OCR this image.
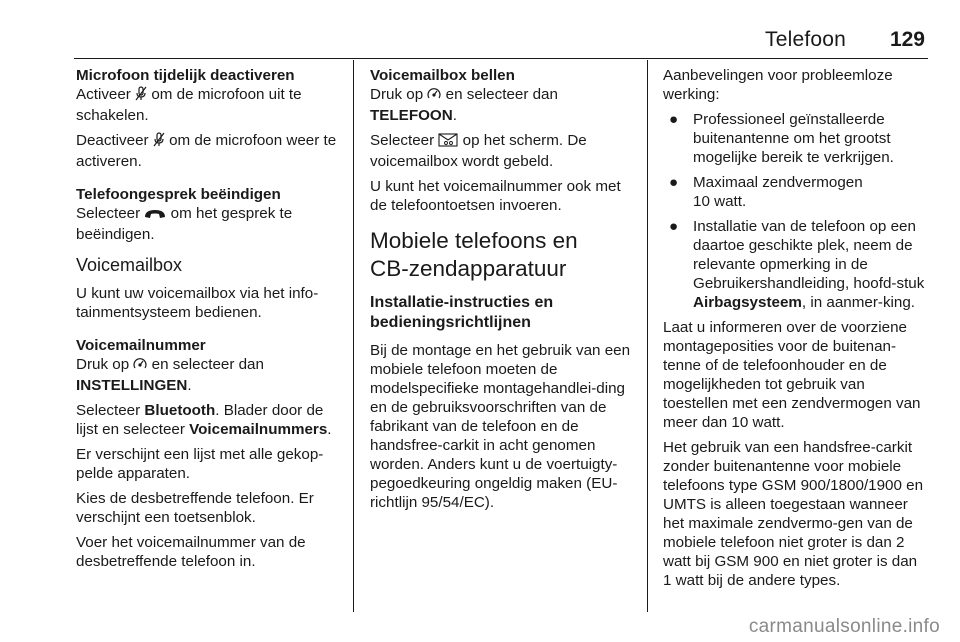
Telefoon 129
Microfoon tijdelijk deactiveren

Activeer om de microfoon uit te schakelen.

Deactiveer om de microfoon weer te activeren.

Telefoongesprek beëindigen

Selecteer om het gesprek te beëindigen.

Voicemailbox

U kunt uw voicemailbox via het info-tainmentsysteem bedienen.

Voicemailnummer

Druk op en selecteer dan INSTELLINGEN.

Selecteer Bluetooth. Blader door de lijst en selecteer Voicemailnummers.

Er verschijnt een lijst met alle gekop-pelde apparaten.

Kies de desbetreffende telefoon. Er verschijnt een toetsenblok.

Voer het voicemailnummer van de desbetreffende telefoon in.

Voicemailbox bellen

Druk op en selecteer dan TELEFOON.

Selecteer op het scherm. De voicemailbox wordt gebeld.

U kunt het voicemailnummer ook met de telefoontoetsen invoeren.

Mobiele telefoons en
CB-zendapparatuur
Installatie-instructies en
bedieningsrichtlijnen

Bij de montage en het gebruik van een mobiele telefoon moeten de modelspecifieke montagehandlei-ding en de gebruiksvoorschriften van de fabrikant van de telefoon en de handsfree-carkit in acht genomen worden. Anders kunt u de voertuigty-pegoedkeuring ongeldig maken (EU-richtlijn 95/54/EC).

Aanbevelingen voor probleemloze werking:

● Professioneel geïnstalleerde buitenantenne om het grootst mogelijke bereik te verkrijgen.
● Maximaal zendvermogen
10 watt.
● Installatie van de telefoon op een daartoe geschikte plek, neem de relevante opmerking in de Gebruikershandleiding, hoofd-stuk Airbagsysteem, in aanmer-king.

Laat u informeren over de voorziene montageposities voor de buitenan-tenne of de telefoonhouder en de mogelijkheden tot gebruik van toestellen met een zendvermogen van meer dan 10 watt.

Het gebruik van een handsfree-carkit zonder buitenantenne voor mobiele telefoons type GSM 900/1800/1900 en UMTS is alleen toegestaan wanneer het maximale zendvermo-gen van de mobiele telefoon niet groter is dan 2 watt bij GSM 900 en niet groter is dan 1 watt bij de andere types.

carmanualsonline.info
